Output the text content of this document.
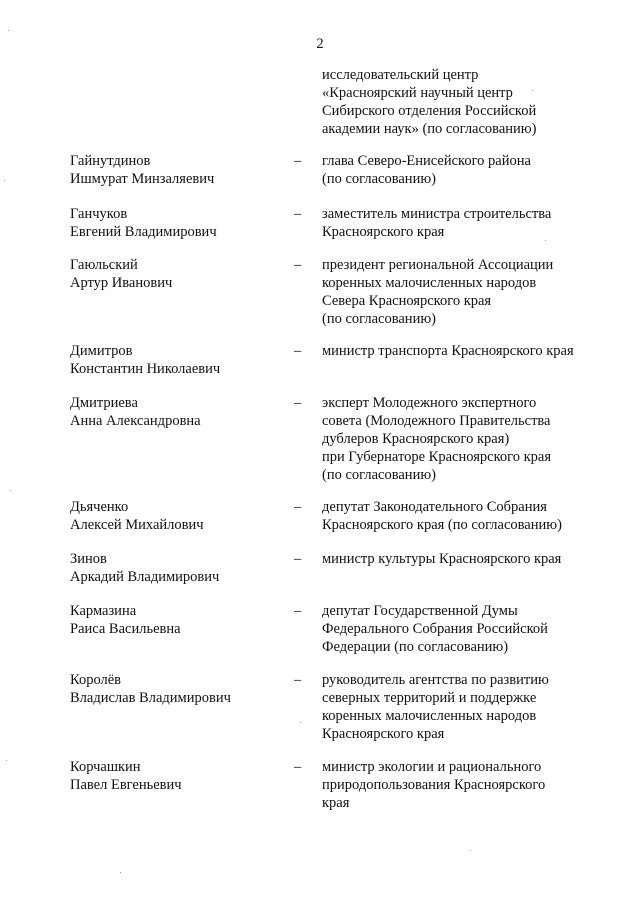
2
исследовательский центр
«Красноярский научный центр
Сибирского отделения Российской
академии наук» (по согласованию)
Гайнутдинов
Ишмурат Минзаляевич
–	глава Северо-Енисейского района
(по согласованию)
Ганчуков
Евгений Владимирович
–	заместитель министра строительства
Красноярского края
Гаюльский
Артур Иванович
–	президент региональной Ассоциации
коренных малочисленных народов
Севера Красноярского края
(по согласованию)
Димитров
Константин Николаевич
–	министр транспорта Красноярского края
Дмитриева
Анна Александровна
–	эксперт Молодежного экспертного
совета (Молодежного Правительства
дублеров Красноярского края)
при Губернаторе Красноярского края
(по согласованию)
Дьяченко
Алексей Михайлович
–	депутат Законодательного Собрания
Красноярского края (по согласованию)
Зинов
Аркадий Владимирович
–	министр культуры Красноярского края
Кармазина
Раиса Васильевна
–	депутат Государственной Думы
Федерального Собрания Российской
Федерации (по согласованию)
Королёв
Владислав Владимирович
–	руководитель агентства по развитию
северных территорий и поддержке
коренных малочисленных народов
Красноярского края
Корчашкин
Павел Евгеньевич
–	министр экологии и рационального
природопользования Красноярского
края
